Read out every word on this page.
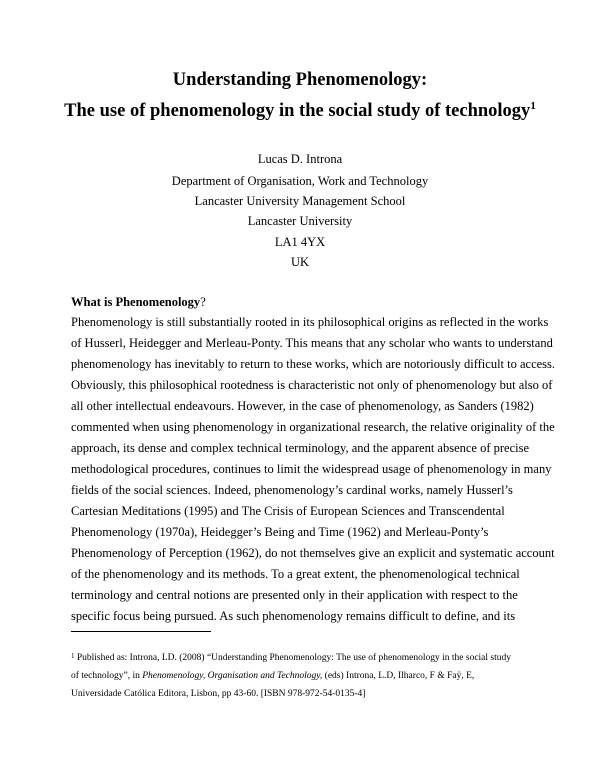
Understanding Phenomenology:
The use of phenomenology in the social study of technology$^1$
Lucas D. Introna
Department of Organisation, Work and Technology
Lancaster University Management School
Lancaster University
LA1 4YX
UK
What is Phenomenology?
Phenomenology is still substantially rooted in its philosophical origins as reflected in the works
of Husserl, Heidegger and Merleau-Ponty. This means that any scholar who wants to understand
phenomenology has inevitably to return to these works, which are notoriously difficult to access.
Obviously, this philosophical rootedness is characteristic not only of phenomenology but also of
all other intellectual endeavours. However, in the case of phenomenology, as Sanders (1982)
commented when using phenomenology in organizational research, the relative originality of the
approach, its dense and complex technical terminology, and the apparent absence of precise
methodological procedures, continues to limit the widespread usage of phenomenology in many
fields of the social sciences. Indeed, phenomenology’s cardinal works, namely Husserl’s
Cartesian Meditations (1995) and The Crisis of European Sciences and Transcendental
Phenomenology (1970a), Heidegger’s Being and Time (1962) and Merleau-Ponty’s
Phenomenology of Perception (1962), do not themselves give an explicit and systematic account
of the phenomenology and its methods. To a great extent, the phenomenological technical
terminology and central notions are presented only in their application with respect to the
specific focus being pursued. As such phenomenology remains difficult to define, and its
$^1$ Published as: Introna, LD. (2008) “Understanding Phenomenology: The use of phenomenology in the social study
of technology”, in Phenomenology, Organisation and Technology, (eds) Introna, L.D, Ilharco, F & Faÿ, E,
Universidade Católica Editora, Lisbon, pp 43-60. [ISBN 978-972-54-0135-4]
